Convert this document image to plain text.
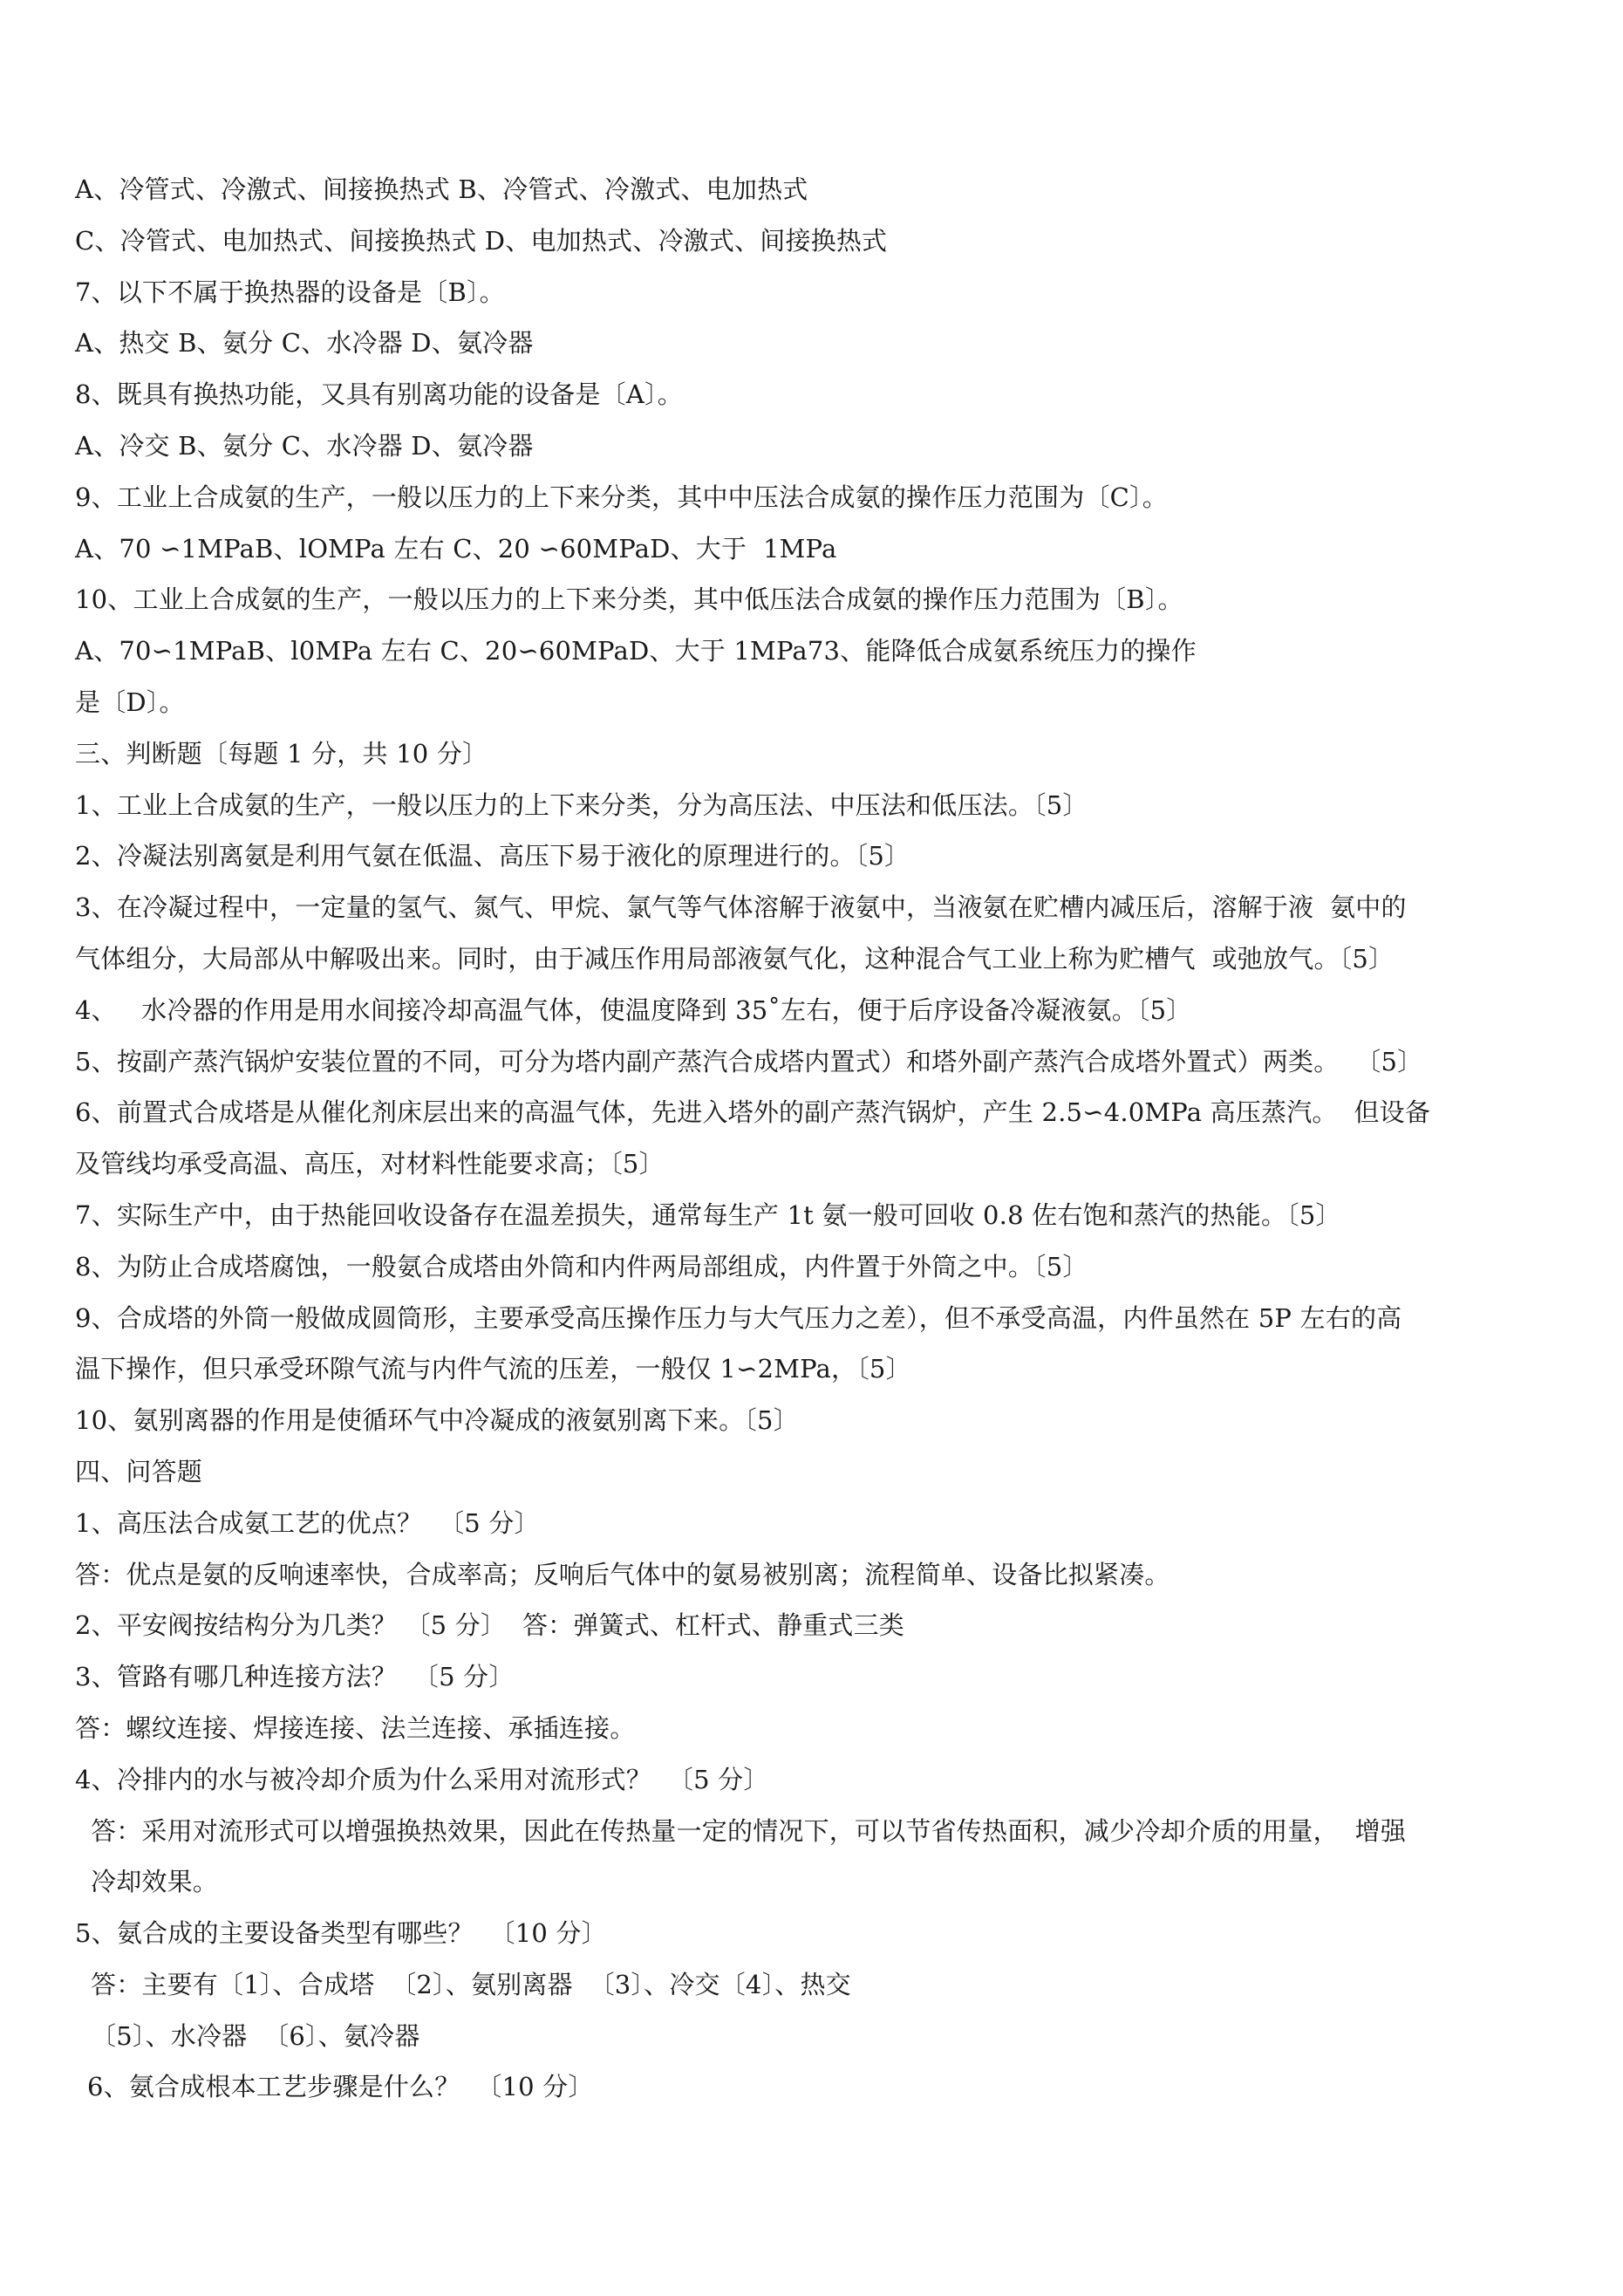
A、冷管式、冷激式、间接换热式 B、冷管式、冷激式、电加热式
C、冷管式、电加热式、间接换热式 D、电加热式、冷激式、间接换热式
7、以下不属于换热器的设备是〔B〕。
A、热交 B、氨分 C、水冷器 D、氨冷器
8、既具有换热功能，又具有别离功能的设备是〔A〕。
A、冷交 B、氨分 C、水冷器 D、氨冷器
9、工业上合成氨的生产，一般以压力的上下来分类，其中中压法合成氨的操作压力范围为〔C〕。
A、70 ∽1MPaB、lOMPa 左右 C、20 ∽60MPaD、大于  1MPa
10、工业上合成氨的生产，一般以压力的上下来分类，其中低压法合成氨的操作压力范围为〔B〕。
A、70∽1MPaB、l0MPa 左右 C、20∽60MPaD、大于 1MPa73、能降低合成氨系统压力的操作
是〔D〕。
三、判断题〔每题 1 分，共 10 分〕
1、工业上合成氨的生产，一般以压力的上下来分类，分为高压法、中压法和低压法。〔5〕
2、冷凝法别离氨是利用气氨在低温、高压下易于液化的原理进行的。〔5〕
3、在冷凝过程中，一定量的氢气、氮气、甲烷、氯气等气体溶解于液氨中，当液氨在贮槽内减压后，溶解于液  氨中的
气体组分，大局部从中解吸出来。同时，由于减压作用局部液氨气化，这种混合气工业上称为贮槽气  或弛放气。〔5〕
4、   水冷器的作用是用水间接冷却高温气体，使温度降到 35˚左右，便于后序设备冷凝液氨。〔5〕
5、按副产蒸汽锅炉安装位置的不同，可分为塔内副产蒸汽合成塔内置式）和塔外副产蒸汽合成塔外置式）两类。  〔5〕
6、前置式合成塔是从催化剂床层出来的高温气体，先进入塔外的副产蒸汽锅炉，产生 2.5∽4.0MPa 高压蒸汽。  但设备
及管线均承受高温、高压，对材料性能要求高；〔5〕
7、实际生产中，由于热能回收设备存在温差损失，通常每生产 1t 氨一般可回收 0.8 佐右饱和蒸汽的热能。〔5〕
8、为防止合成塔腐蚀，一般氨合成塔由外筒和内件两局部组成，内件置于外筒之中。〔5〕
9、合成塔的外筒一般做成圆筒形，主要承受高压操作压力与大气压力之差），但不承受高温，内件虽然在 5P 左右的高
温下操作，但只承受环隙气流与内件气流的压差，一般仅 1∽2MPa，〔5〕
10、氨别离器的作用是使循环气中冷凝成的液氨别离下来。〔5〕
四、问答题
1、高压法合成氨工艺的优点？  〔5 分〕
答：优点是氨的反响速率快，合成率高；反响后气体中的氨易被别离；流程简单、设备比拟紧凑。
2、平安阀按结构分为几类？ 〔5 分〕  答：弹簧式、杠杆式、静重式三类
3、管路有哪几种连接方法？  〔5 分〕
答：螺纹连接、焊接连接、法兰连接、承插连接。
4、冷排内的水与被冷却介质为什么采用对流形式？  〔5 分〕
答：采用对流形式可以增强换热效果，因此在传热量一定的情况下，可以节省传热面积，减少冷却介质的用量，  增强
冷却效果。
5、氨合成的主要设备类型有哪些？  〔10 分〕
答：主要有〔1〕、合成塔  〔2〕、氨别离器  〔3〕、冷交〔4〕、热交
〔5〕、水冷器  〔6〕、氨冷器
6、氨合成根本工艺步骤是什么？  〔10 分〕
